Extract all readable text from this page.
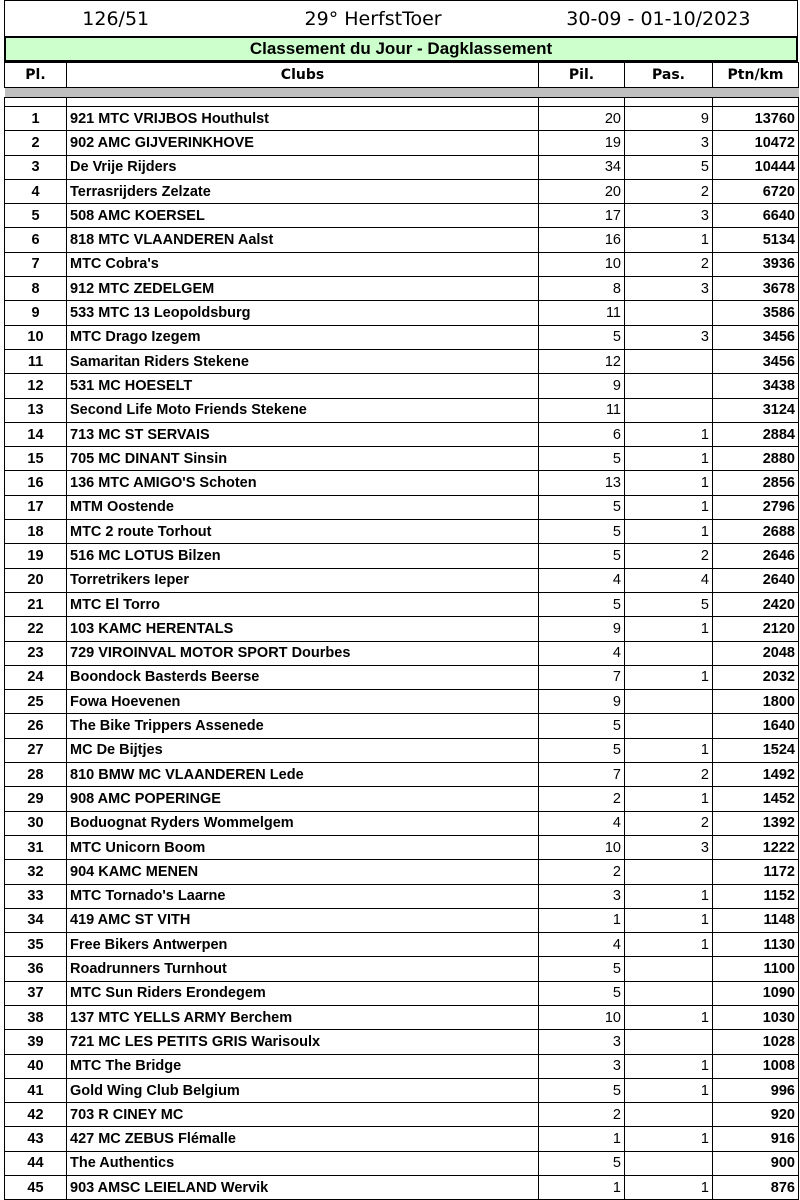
126/51	29° HerfstToer	30-09 - 01-10/2023
Classement du Jour - Dagklassement
Pl.	Clubs	Pil.	Pas.	Ptn/km

1	921 MTC VRIJBOS Houthulst	20	9	13760
2	902 AMC GIJVERINKHOVE	19	3	10472
3	De Vrije Rijders	34	5	10444
4	Terrasrijders Zelzate	20	2	6720
5	508 AMC KOERSEL	17	3	6640
6	818 MTC VLAANDEREN Aalst	16	1	5134
7	MTC Cobra's	10	2	3936
8	912 MTC ZEDELGEM	8	3	3678
9	533 MTC 13 Leopoldsburg	11		3586
10	MTC Drago Izegem	5	3	3456
11	Samaritan Riders Stekene	12		3456
12	531 MC HOESELT	9		3438
13	Second Life Moto Friends Stekene	11		3124
14	713 MC ST SERVAIS	6	1	2884
15	705 MC DINANT Sinsin	5	1	2880
16	136 MTC AMIGO'S Schoten	13	1	2856
17	MTM Oostende	5	1	2796
18	MTC 2 route Torhout	5	1	2688
19	516 MC LOTUS Bilzen	5	2	2646
20	Torretrikers Ieper	4	4	2640
21	MTC El Torro	5	5	2420
22	103 KAMC HERENTALS	9	1	2120
23	729 VIROINVAL MOTOR SPORT Dourbes	4		2048
24	Boondock Basterds Beerse	7	1	2032
25	Fowa Hoevenen	9		1800
26	The Bike Trippers Assenede	5		1640
27	MC De Bijtjes	5	1	1524
28	810 BMW MC VLAANDEREN Lede	7	2	1492
29	908 AMC POPERINGE	2	1	1452
30	Boduognat Ryders Wommelgem	4	2	1392
31	MTC Unicorn Boom	10	3	1222
32	904 KAMC MENEN	2		1172
33	MTC Tornado's Laarne	3	1	1152
34	419 AMC ST VITH	1	1	1148
35	Free Bikers Antwerpen	4	1	1130
36	Roadrunners Turnhout	5		1100
37	MTC Sun Riders Erondegem	5		1090
38	137 MTC YELLS ARMY Berchem	10	1	1030
39	721 MC LES PETITS GRIS Warisoulx	3		1028
40	MTC The Bridge	3	1	1008
41	Gold Wing Club Belgium	5	1	996
42	703 R CINEY MC	2		920
43	427 MC ZEBUS Flémalle	1	1	916
44	The Authentics	5		900
45	903 AMSC LEIELAND Wervik	1	1	876
